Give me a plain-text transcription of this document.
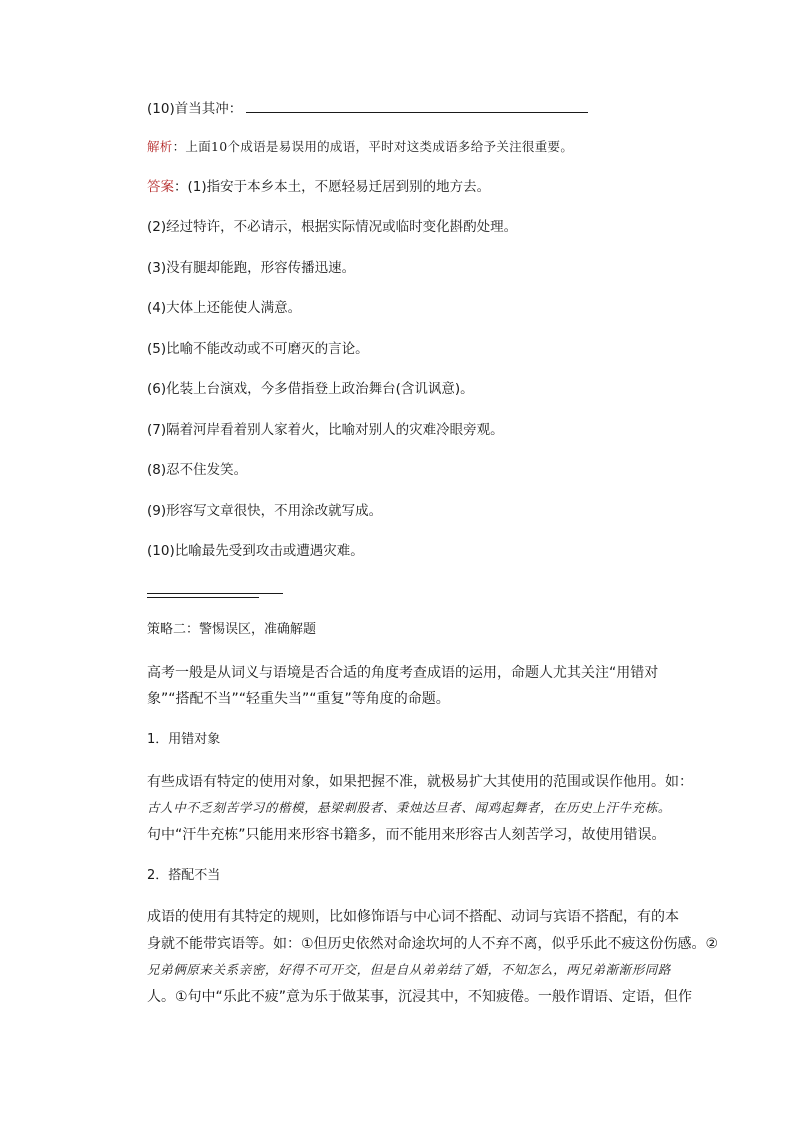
(10)首当其冲：
解析：上面10个成语是易误用的成语，平时对这类成语多给予关注很重要。
答案：(1)指安于本乡本土，不愿轻易迁居到别的地方去。
(2)经过特许，不必请示，根据实际情况或临时变化斟酌处理。
(3)没有腿却能跑，形容传播迅速。
(4)大体上还能使人满意。
(5)比喻不能改动或不可磨灭的言论。
(6)化装上台演戏，今多借指登上政治舞台(含讥讽意)。
(7)隔着河岸看着别人家着火，比喻对别人的灾难冷眼旁观。
(8)忍不住发笑。
(9)形容写文章很快，不用涂改就写成。
(10)比喻最先受到攻击或遭遇灾难。
策略二：警惕误区，准确解题
高考一般是从词义与语境是否合适的角度考查成语的运用，命题人尤其关注“用错对
象”“搭配不当”“轻重失当”“重复”等角度的命题。
1．用错对象
有些成语有特定的使用对象，如果把握不准，就极易扩大其使用的范围或误作他用。如：
古人中不乏刻苦学习的楷模，悬梁刺股者、秉烛达旦者、闻鸡起舞者，在历史上汗牛充栋。
句中“汗牛充栋”只能用来形容书籍多，而不能用来形容古人刻苦学习，故使用错误。
2．搭配不当
成语的使用有其特定的规则，比如修饰语与中心词不搭配、动词与宾语不搭配，有的本
身就不能带宾语等。如：①但历史依然对命途坎坷的人不弃不离，似乎乐此不疲这份伤感。②
兄弟俩原来关系亲密，好得不可开交，但是自从弟弟结了婚，不知怎么，两兄弟渐渐形同路
人。①句中“乐此不疲”意为乐于做某事，沉浸其中，不知疲倦。一般作谓语、定语，但作
